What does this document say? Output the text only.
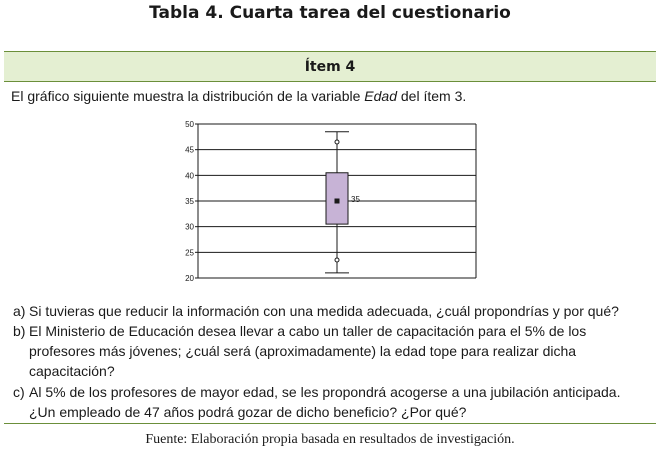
Tabla 4. Cuarta tarea del cuestionario
Ítem 4
El gráfico siguiente muestra la distribución de la variable Edad del ítem 3.
20
25
30
35
40
45
50
35
a) Si tuvieras que reducir la información con una medida adecuada, ¿cuál propondrías y por qué?
b) El Ministerio de Educación desea llevar a cabo un taller de capacitación para el 5% de los
profesores más jóvenes; ¿cuál será (aproximadamente) la edad tope para realizar dicha
capacitación?
c) Al 5% de los profesores de mayor edad, se les propondrá acogerse a una jubilación anticipada.
¿Un empleado de 47 años podrá gozar de dicho beneficio? ¿Por qué?
Fuente: Elaboración propia basada en resultados de investigación.
